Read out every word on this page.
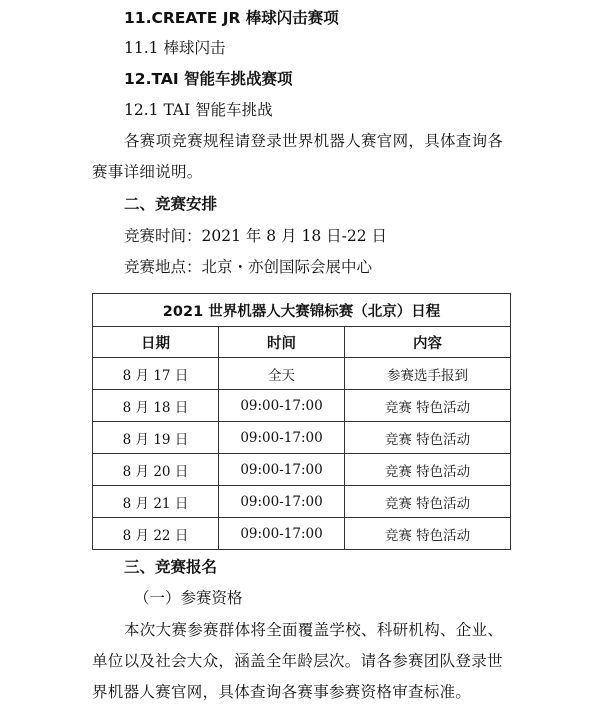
11.CREATE JR 棒球闪击赛项
11.1 棒球闪击
12.TAI 智能车挑战赛项
12.1 TAI 智能车挑战
各赛项竞赛规程请登录世界机器人赛官网，具体查询各
赛事详细说明。
二、竞赛安排
竞赛时间：2021 年 8 月 18 日-22 日
竞赛地点：北京・亦创国际会展中心
2021 世界机器人大赛锦标赛（北京）日程		
日期	时间	内容
8 月 17 日	全天	参赛选手报到
8 月 18 日	09:00-17:00	竞赛 特色活动
8 月 19 日	09:00-17:00	竞赛 特色活动
8 月 20 日	09:00-17:00	竞赛 特色活动
8 月 21 日	09:00-17:00	竞赛 特色活动
8 月 22 日	09:00-17:00	竞赛 特色活动
三、竞赛报名
（一）参赛资格
本次大赛参赛群体将全面覆盖学校、科研机构、企业、
单位以及社会大众，涵盖全年龄层次。请各参赛团队登录世
界机器人赛官网，具体查询各赛事参赛资格审查标准。
